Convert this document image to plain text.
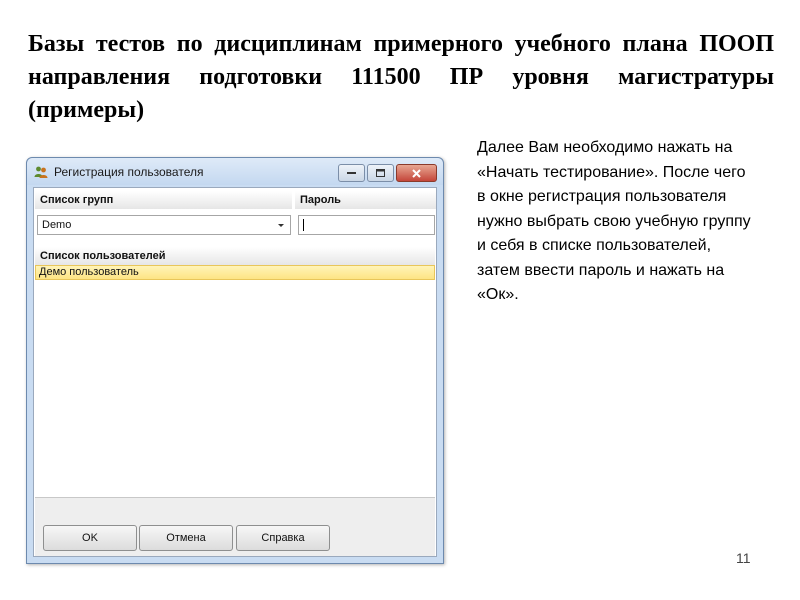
Базы тестов по дисциплинам примерного учебного плана ПООП направления подготовки 111500 ПР уровня магистратуры (примеры)
Регистрация пользователя
Список групп	Пароль
Demo
Список пользователей
Демо пользователь
OK	Отмена	Справка
Далее Вам необходимо нажать на «Начать тестирование». После чего в окне регистрация пользователя нужно выбрать свою учебную группу и себя в списке пользователей, затем ввести пароль и нажать на «Ок».
11
